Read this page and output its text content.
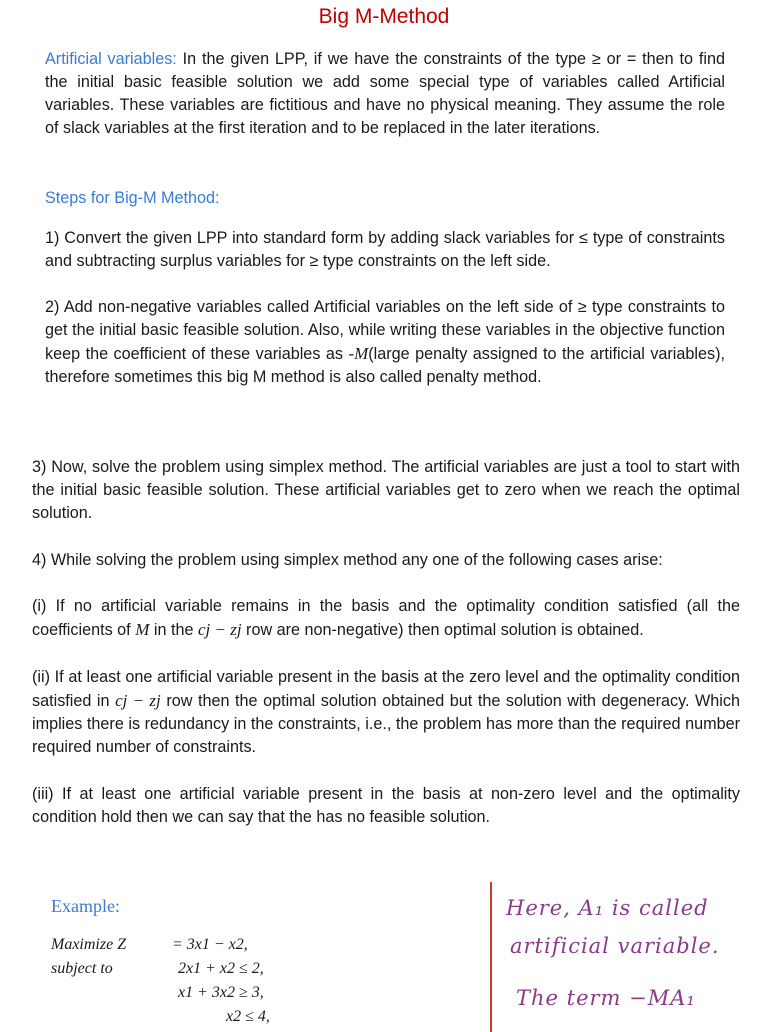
Big M-Method

Artificial variables: In the given LPP, if we have the constraints of the type ≥ or = then to find the initial basic feasible solution we add some special type of variables called Artificial variables. These variables are fictitious and have no physical meaning. They assume the role of slack variables at the first iteration and to be replaced in the later iterations.

Steps for Big-M Method:

1) Convert the given LPP into standard form by adding slack variables for ≤ type of constraints and subtracting surplus variables for ≥ type constraints on the left side.

2) Add non-negative variables called Artificial variables on the left side of ≥ type constraints to get the initial basic feasible solution. Also, while writing these variables in the objective function keep the coefficient of these variables as -M(large penalty assigned to the artificial variables), therefore sometimes this big M method is also called penalty method.

3) Now, solve the problem using simplex method. The artificial variables are just a tool to start with the initial basic feasible solution. These artificial variables get to zero when we reach the optimal solution.

4) While solving the problem using simplex method any one of the following cases arise:

(i) If no artificial variable remains in the basis and the optimality condition satisfied (all the coefficients of M in the cj − zj row are non-negative) then optimal solution is obtained.

(ii) If at least one artificial variable present in the basis at the zero level and the optimality condition satisfied in cj − zj row then the optimal solution obtained but the solution with degeneracy. Which implies there is redundancy in the constraints, i.e., the problem has more than the required number required number of constraints.

(iii) If at least one artificial variable present in the basis at non-zero level and the optimality condition hold then we can say that the has no feasible solution.

Example:
Maximize Z	= 3x1 − x2,
subject to	2x1 + x2 ≤ 2,
x1 + 3x2 ≥ 3,
x2 ≤ 4,
Here, A₁ is called
artificial variable.
The term −MA₁
